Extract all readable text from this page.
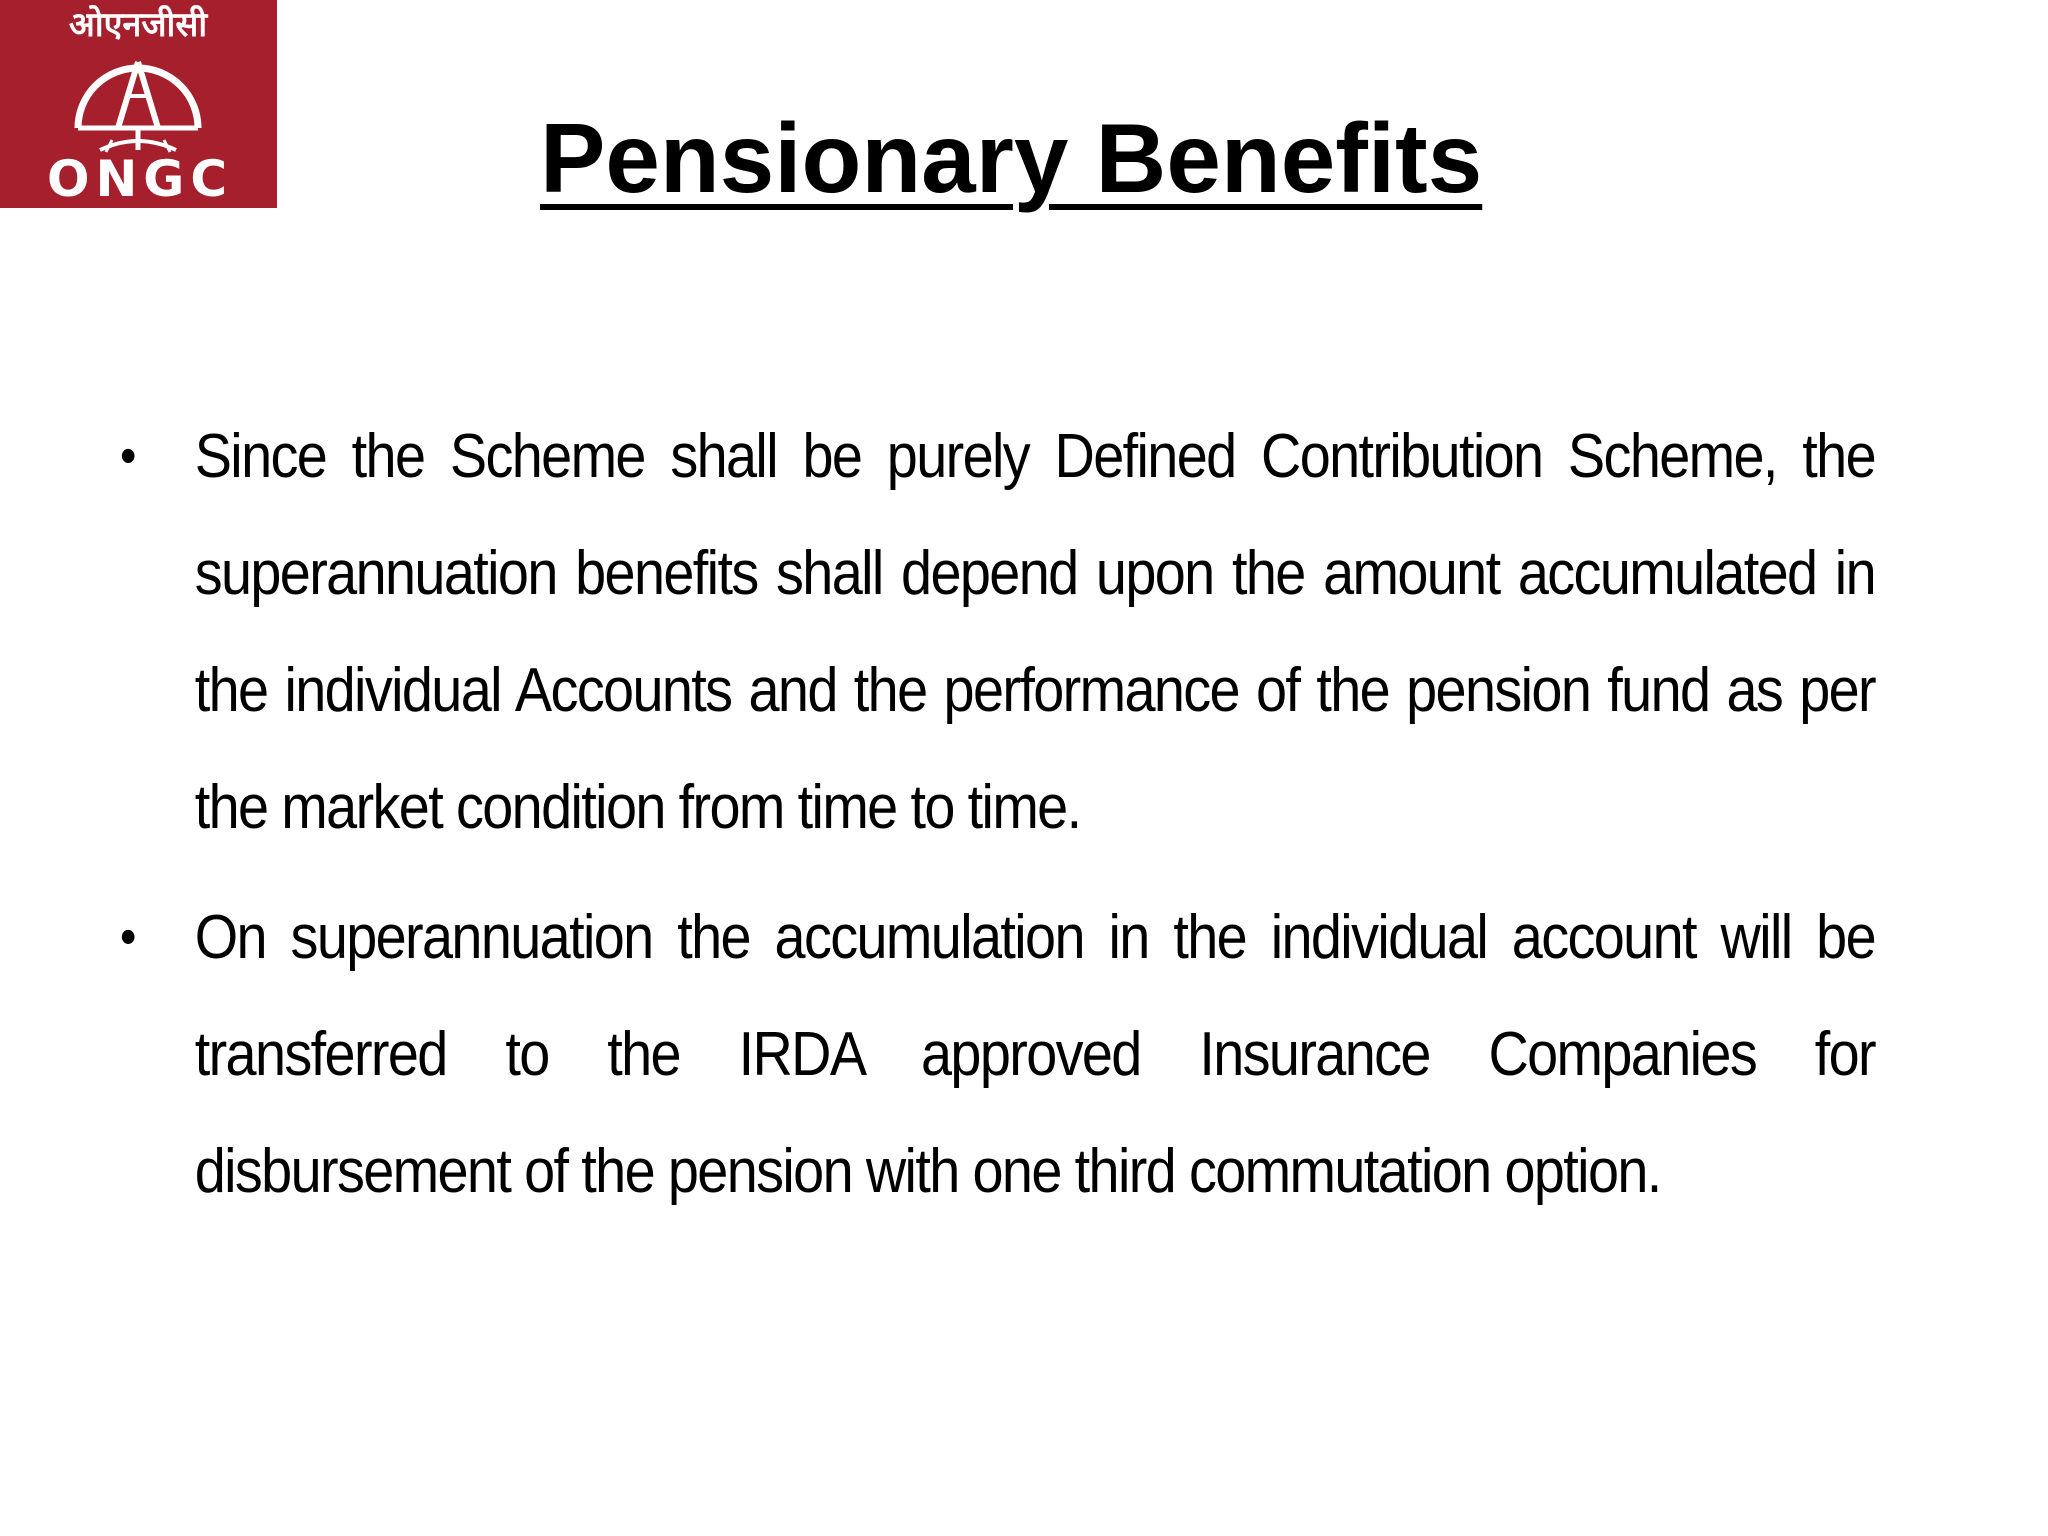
ओएनजीसी
ONGC	Pensionary Benefits
• Since the Scheme shall be purely Defined Contribution Scheme, the superannuation benefits shall depend upon the amount accumulated in the individual Accounts and the performance of the pension fund as per the market condition from time to time.
• On superannuation the accumulation in the individual account will be transferred to the IRDA approved Insurance Companies for disbursement of the pension with one third commutation option.
